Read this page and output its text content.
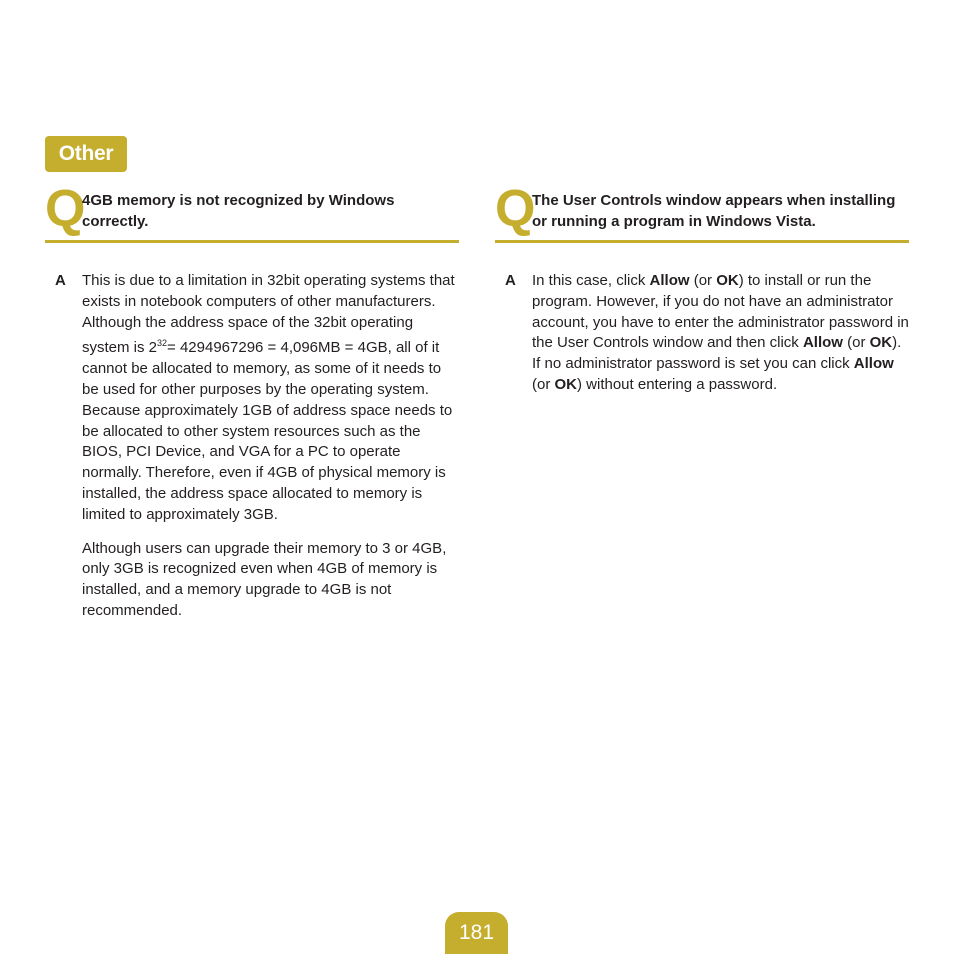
Other
Q
4GB memory is not recognized by Windows correctly.
A This is due to a limitation in 32bit operating systems that exists in notebook computers of other manufacturers. Although the address space of the 32bit operating system is $2^{32}= 4294967296 = 4,096MB = 4GB$, all of it cannot be allocated to memory, as some of it needs to be used for other purposes by the operating system. Because approximately 1GB of address space needs to be allocated to other system resources such as the BIOS, PCI Device, and VGA for a PC to operate normally. Therefore, even if 4GB of physical memory is installed, the address space allocated to memory is limited to approximately 3GB.

Although users can upgrade their memory to 3 or 4GB, only 3GB is recognized even when 4GB of memory is installed, and a memory upgrade to 4GB is not recommended.

Q
The User Controls window appears when installing or running a program in Windows Vista.
A In this case, click Allow (or OK) to install or run the program. However, if you do not have an administrator account, you have to enter the administrator password in the User Controls window and then click Allow (or OK). If no administrator password is set you can click Allow (or OK) without entering a password.

181
